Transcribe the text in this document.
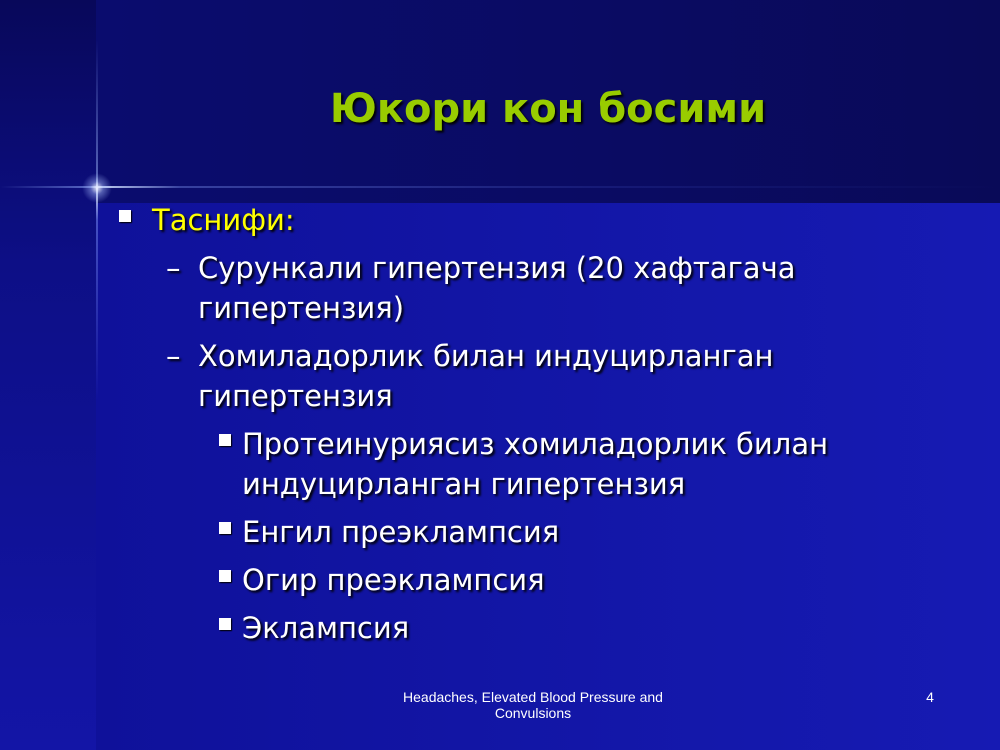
Юкори кон босими
Таснифи:
– Сурункали гипертензия (20 хафтагача
гипертензия)
– Хомиладорлик билан индуцирланган
гипертензия
Протеинуриясиз хомиладорлик билан
индуцирланган гипертензия
Енгил преэклампсия
Огир преэклампсия
Эклампсия
Headaches, Elevated Blood Pressure and Convulsions
4
